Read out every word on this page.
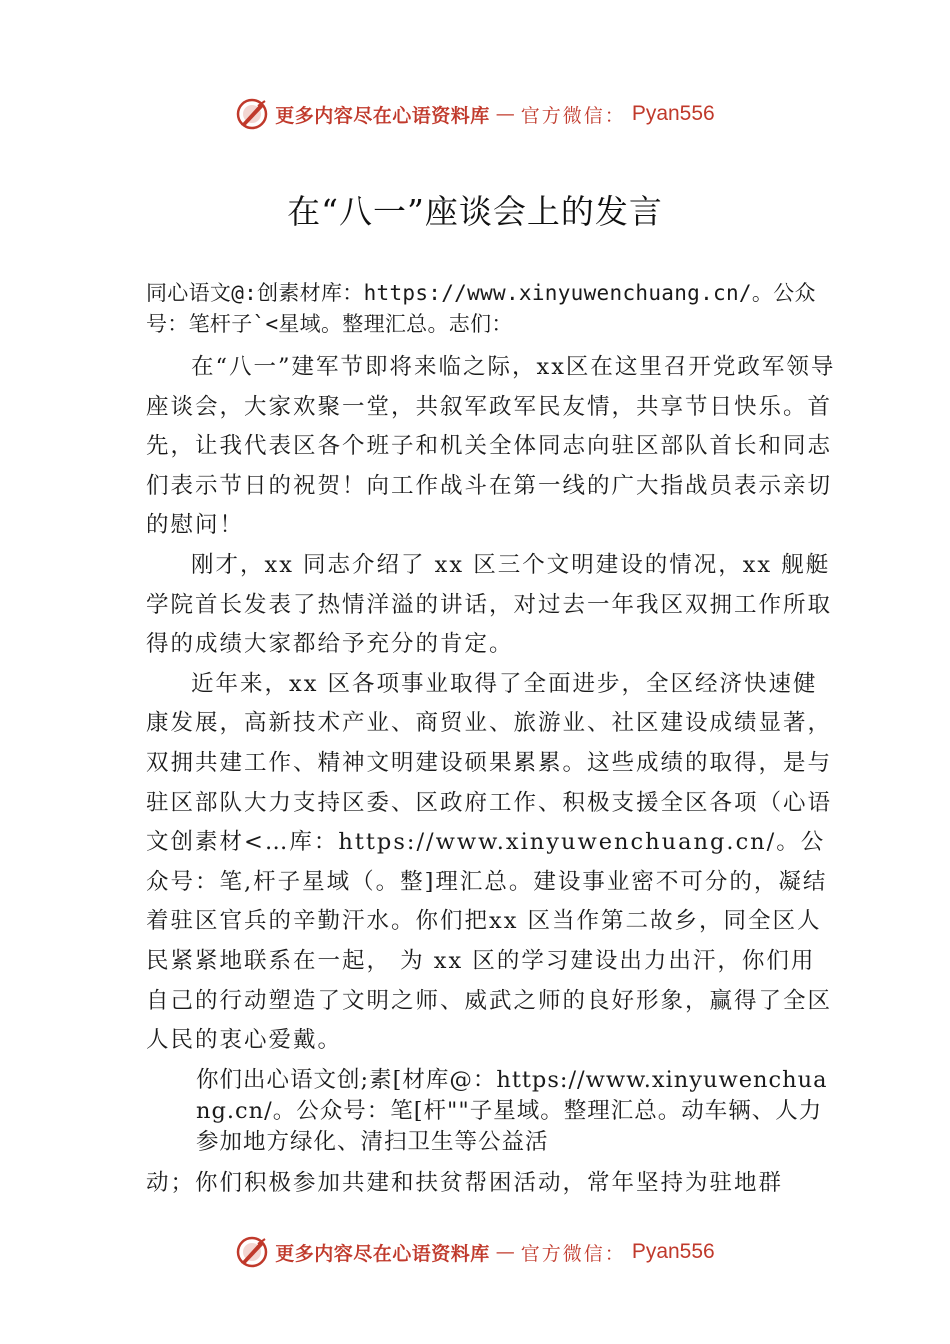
更多内容尽在心语资料库 — 官方微信： Pyan556
在“八一”座谈会上的发言
同心语文@:创素材库：https://www.xinyuwenchuang.cn/。公众号：笔杆子`<星域。整理汇总。志们：

在“八一”建军节即将来临之际，xx区在这里召开党政军领导座谈会，大家欢聚一堂，共叙军政军民友情，共享节日快乐。首先，让我代表区各个班子和机关全体同志向驻区部队首长和同志们表示节日的祝贺！向工作战斗在第一线的广大指战员表示亲切的慰问！

刚才，xx 同志介绍了 xx 区三个文明建设的情况，xx 舰艇学院首长发表了热情洋溢的讲话，对过去一年我区双拥工作所取得的成绩大家都给予充分的肯定。

近年来，xx 区各项事业取得了全面进步，全区经济快速健康发展，高新技术产业、商贸业、旅游业、社区建设成绩显著，双拥共建工作、精神文明建设硕果累累。这些成绩的取得，是与驻区部队大力支持区委、区政府工作、积极支援全区各项（心语文创素材<…库：https://www.xinyuwenchuang.cn/。公众号：笔,杆子星域（。整]理汇总。建设事业密不可分的，凝结着驻区官兵的辛勤汗水。你们把xx 区当作第二故乡，同全区人民紧紧地联系在一起， 为 xx 区的学习建设出力出汗，你们用自己的行动塑造了文明之师、威武之师的良好形象，赢得了全区人民的衷心爱戴。

你们出心语文创;素[材库@：https://www.xinyuwenchuang.cn/。公众号：笔[杆""子星域。整理汇总。动车辆、人力参加地方绿化、清扫卫生等公益活

动；你们积极参加共建和扶贫帮困活动，常年坚持为驻地群

更多内容尽在心语资料库 — 官方微信： Pyan556
